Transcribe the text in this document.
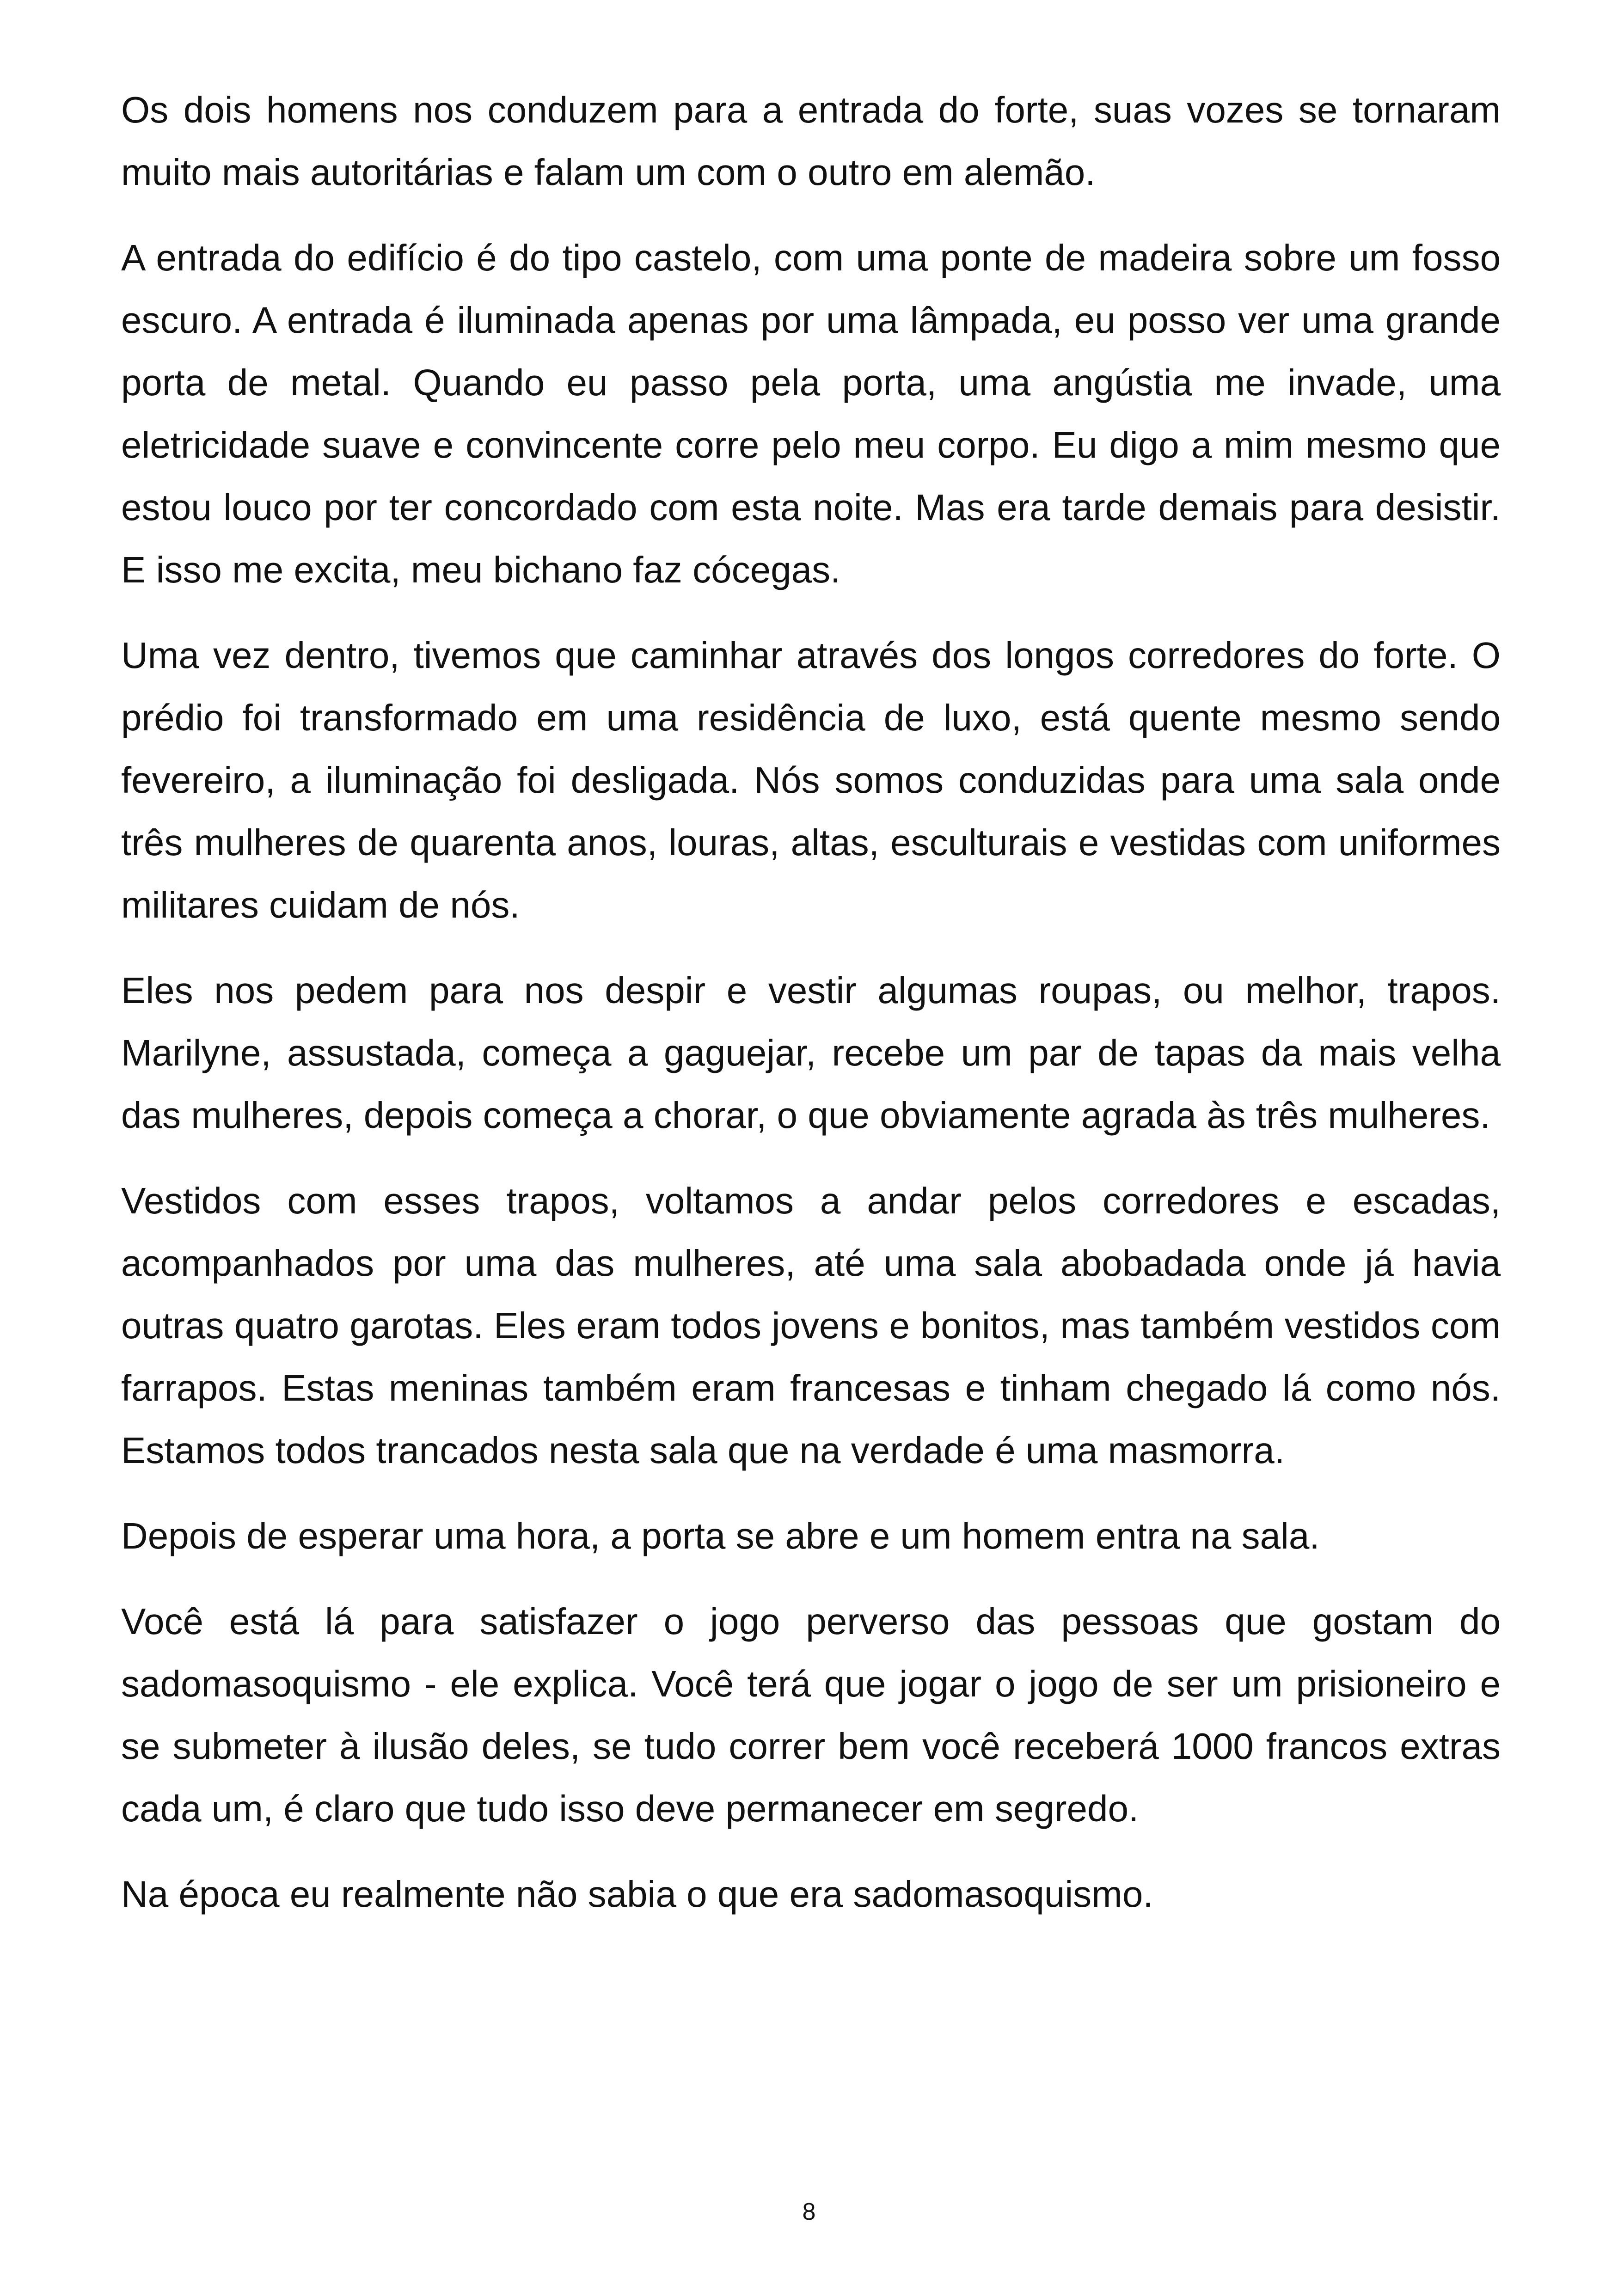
Os dois homens nos conduzem para a entrada do forte, suas vozes se tornaram muito mais autoritárias e falam um com o outro em alemão.

A entrada do edifício é do tipo castelo, com uma ponte de madeira sobre um fosso escuro. A entrada é iluminada apenas por uma lâmpada, eu posso ver uma grande porta de metal. Quando eu passo pela porta, uma angústia me invade, uma eletricidade suave e convincente corre pelo meu corpo. Eu digo a mim mesmo que estou louco por ter concordado com esta noite. Mas era tarde demais para desistir. E isso me excita, meu bichano faz cócegas.

Uma vez dentro, tivemos que caminhar através dos longos corredores do forte. O prédio foi transformado em uma residência de luxo, está quente mesmo sendo fevereiro, a iluminação foi desligada. Nós somos conduzidas para uma sala onde três mulheres de quarenta anos, louras, altas, esculturais e vestidas com uniformes militares cuidam de nós.

Eles nos pedem para nos despir e vestir algumas roupas, ou melhor, trapos. Marilyne, assustada, começa a gaguejar, recebe um par de tapas da mais velha das mulheres, depois começa a chorar, o que obviamente agrada às três mulheres.

Vestidos com esses trapos, voltamos a andar pelos corredores e escadas, acompanhados por uma das mulheres, até uma sala abobadada onde já havia outras quatro garotas. Eles eram todos jovens e bonitos, mas também vestidos com farrapos. Estas meninas também eram francesas e tinham chegado lá como nós. Estamos todos trancados nesta sala que na verdade é uma masmorra.

Depois de esperar uma hora, a porta se abre e um homem entra na sala.

Você está lá para satisfazer o jogo perverso das pessoas que gostam do sadomasoquismo - ele explica. Você terá que jogar o jogo de ser um prisioneiro e se submeter à ilusão deles, se tudo correr bem você receberá 1000 francos extras cada um, é claro que tudo isso deve permanecer em segredo.

Na época eu realmente não sabia o que era sadomasoquismo.

8
